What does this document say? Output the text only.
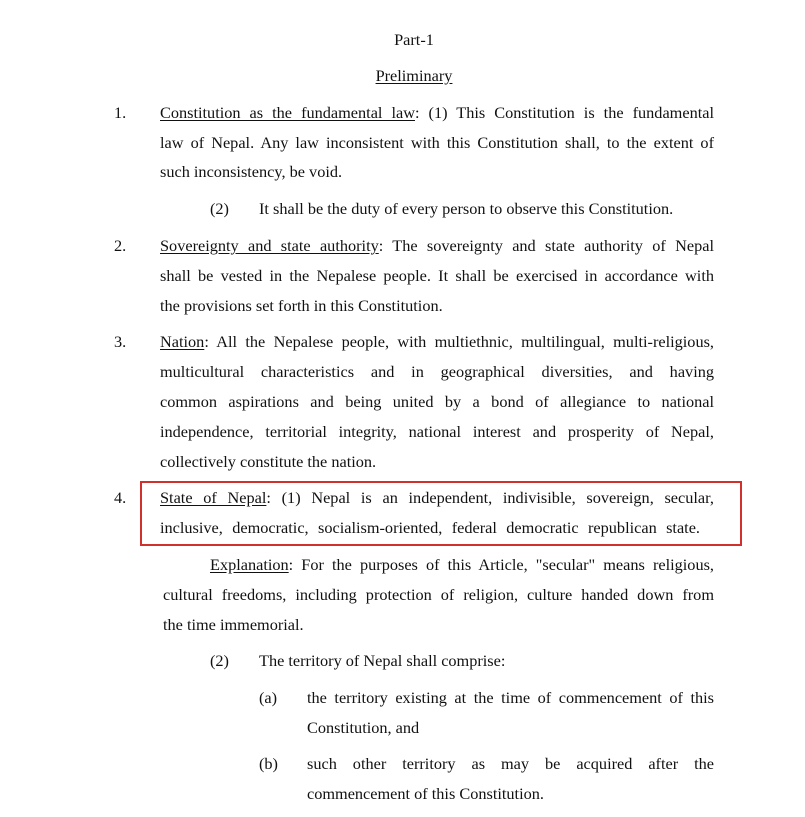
Part-1
Preliminary
1. Constitution as the fundamental law: (1) This Constitution is the fundamental
law of Nepal. Any law inconsistent with this Constitution shall, to the extent of
such inconsistency, be void.
(2) It shall be the duty of every person to observe this Constitution.
2. Sovereignty and state authority: The sovereignty and state authority of Nepal
shall be vested in the Nepalese people. It shall be exercised in accordance with
the provisions set forth in this Constitution.
3. Nation: All the Nepalese people, with multiethnic, multilingual, multi-religious,
multicultural characteristics and in geographical diversities, and having
common aspirations and being united by a bond of allegiance to national
independence, territorial integrity, national interest and prosperity of Nepal,
collectively constitute the nation.
4. State of Nepal: (1) Nepal is an independent, indivisible, sovereign, secular,
inclusive, democratic, socialism-oriented, federal democratic republican state.
Explanation: For the purposes of this Article, "secular" means religious,
cultural freedoms, including protection of religion, culture handed down from
the time immemorial.
(2) The territory of Nepal shall comprise:
(a) the territory existing at the time of commencement of this
Constitution, and
(b) such other territory as may be acquired after the
commencement of this Constitution.
